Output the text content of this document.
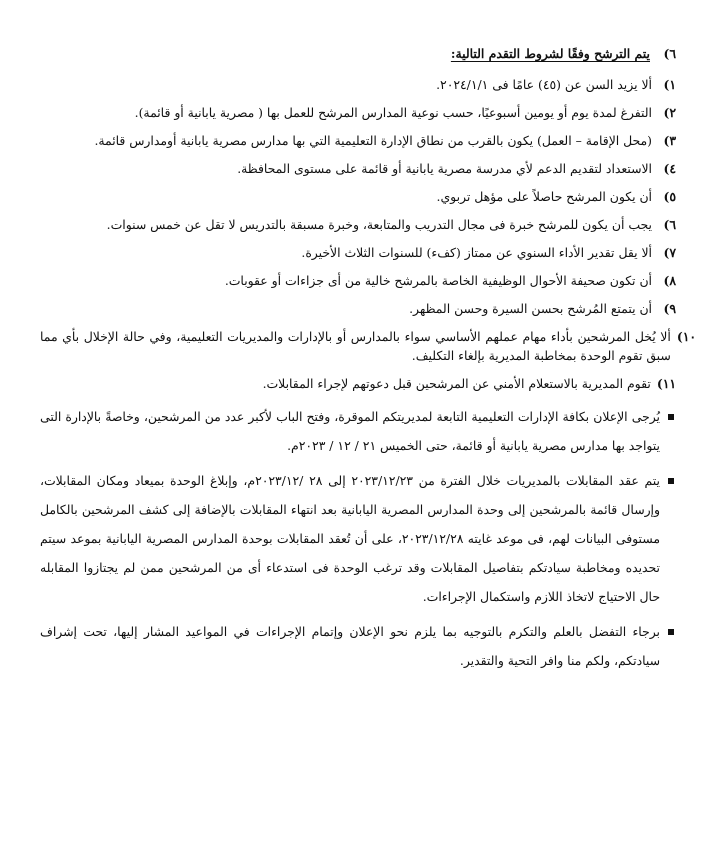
٦)
يتم الترشح وفقًا لشروط التقدم التالية:
١)
ألا يزيد السن عن (٤٥) عامًا فى ٢٠٢٤/١/١.
٢)
التفرغ لمدة يوم أو يومين أسبوعيًا، حسب نوعية المدارس المرشح للعمل بها ( مصرية يابانية أو قائمة).
٣)
(محل الإقامة – العمل) يكون بالقرب من نطاق الإدارة التعليمية التي بها مدارس مصرية يابانية أومدارس قائمة.
٤)
الاستعداد لتقديم الدعم لأي مدرسة مصرية يابانية أو قائمة على مستوى المحافظة.
٥)
أن يكون المرشح حاصلاً على مؤهل تربوي.
٦)
يجب أن يكون للمرشح خبرة فى مجال التدريب والمتابعة، وخبرة مسبقة بالتدريس لا تقل عن خمس سنوات.
٧)
ألا يقل تقدير الأداء السنوي عن ممتاز (كفء) للسنوات الثلاث الأخيرة.
٨)
أن تكون صحيفة الأحوال الوظيفية الخاصة بالمرشح خالية من أى جزاءات أو عقوبات.
٩)
أن يتمتع المُرشح بحسن السيرة وحسن المظهر.
١٠)
ألا يُخل المرشحين بأداء مهام عملهم الأساسي سواء بالمدارس أو بالإدارات والمديريات التعليمية، وفي حالة الإخلال بأي مما سبق تقوم الوحدة بمخاطبة المديرية بإلغاء التكليف.
١١)
تقوم المديرية بالاستعلام الأمني عن المرشحين قبل دعوتهم لإجراء المقابلات.
يُرجى الإعلان بكافة الإدارات التعليمية التابعة لمديريتكم الموقرة، وفتح الباب لأكبر عدد من المرشحين، وخاصةً بالإدارة التى يتواجد بها مدارس مصرية يابانية أو قائمة، حتى الخميس ٢١ / ١٢ / ٢٠٢٣م.
يتم عقد المقابلات بالمديريات خلال الفترة من ٢٠٢٣/١٢/٢٣ إلى ٢٨ /٢٠٢٣/١٢م، وإبلاغ الوحدة بميعاد ومكان المقابلات، وإرسال قائمة بالمرشحين إلى وحدة المدارس المصرية اليابانية بعد انتهاء المقابلات بالإضافة إلى كشف المرشحين بالكامل مستوفى البيانات لهم، فى موعد غايته ٢٠٢٣/١٢/٢٨، على أن تُعقد المقابلات بوحدة المدارس المصرية اليابانية بموعد سيتم تحديده ومخاطبة سيادتكم بتفاصيل المقابلات وقد ترغب الوحدة فى استدعاء أى من المرشحين ممن لم يجتازوا المقابله حال الاحتياج لاتخاذ اللازم واستكمال الإجراءات.
برجاء التفضل بالعلم والتكرم بالتوجيه بما يلزم نحو الإعلان وإتمام الإجراءات في المواعيد المشار إليها، تحت إشراف سيادتكم، ولكم منا وافر التحية والتقدير.
